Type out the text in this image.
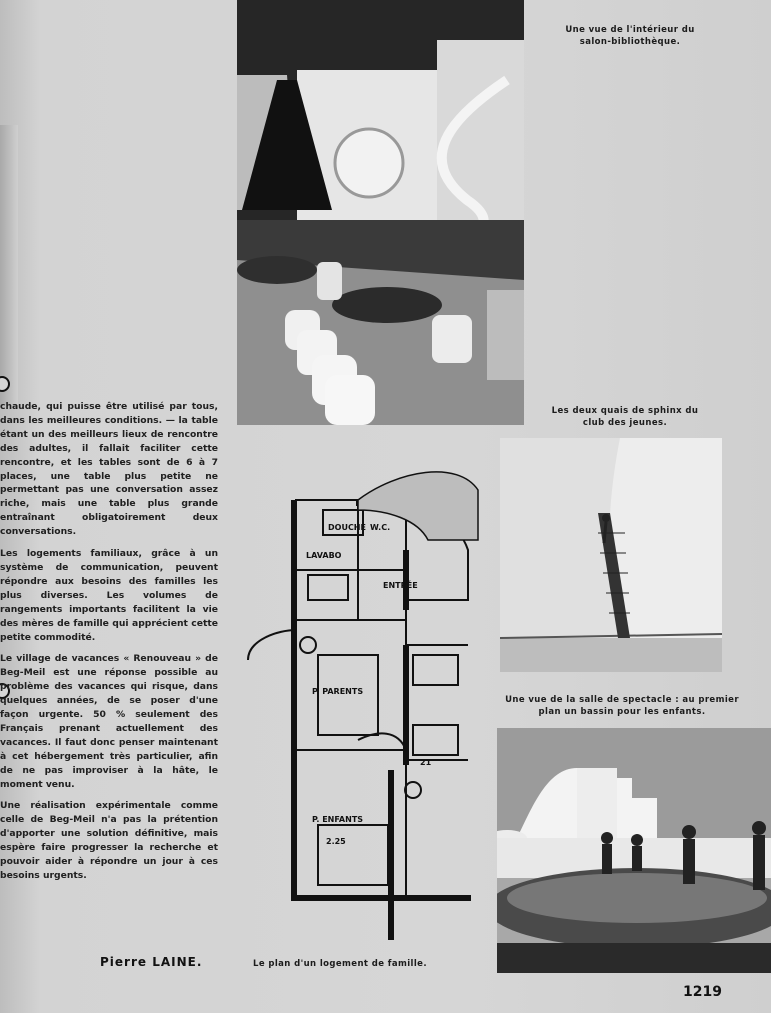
Une vue de l'intérieur du salon-bibliothèque.
Les deux quais de sphinx du club des jeunes.
Une vue de la salle de spectacle : au premier plan un bassin pour les enfants.
DOUCHE W.C.
LAVABO
ENTRÉE
P. PARENTS
P. ENFANTS
2.25
21
Le plan d'un logement de famille.

chaude, qui puisse être utilisé par tous, dans les meilleures conditions. — la table étant un des meilleurs lieux de rencontre des adultes, il fallait faciliter cette rencontre, et les tables sont de 6 à 7 places, une table plus petite ne permettant pas une conversation assez riche, mais une table plus grande entraînant obligatoirement deux conversations.

Les logements familiaux, grâce à un système de communication, peuvent répondre aux besoins des familles les plus diverses. Les volumes de rangements importants facilitent la vie des mères de famille qui apprécient cette petite commodité.

Le village de vacances « Renouveau » de Beg-Meil est une réponse possible au problème des vacances qui risque, dans quelques années, de se poser d'une façon urgente. 50 % seulement des Français prenant actuellement des vacances. Il faut donc penser maintenant à cet hébergement très particulier, afin de ne pas improviser à la hâte, le moment venu.

Une réalisation expérimentale comme celle de Beg-Meil n'a pas la prétention d'apporter une solution définitive, mais espère faire progresser la recherche et pouvoir aider à répondre un jour à ces besoins urgents.

Pierre LAINE.
1219
